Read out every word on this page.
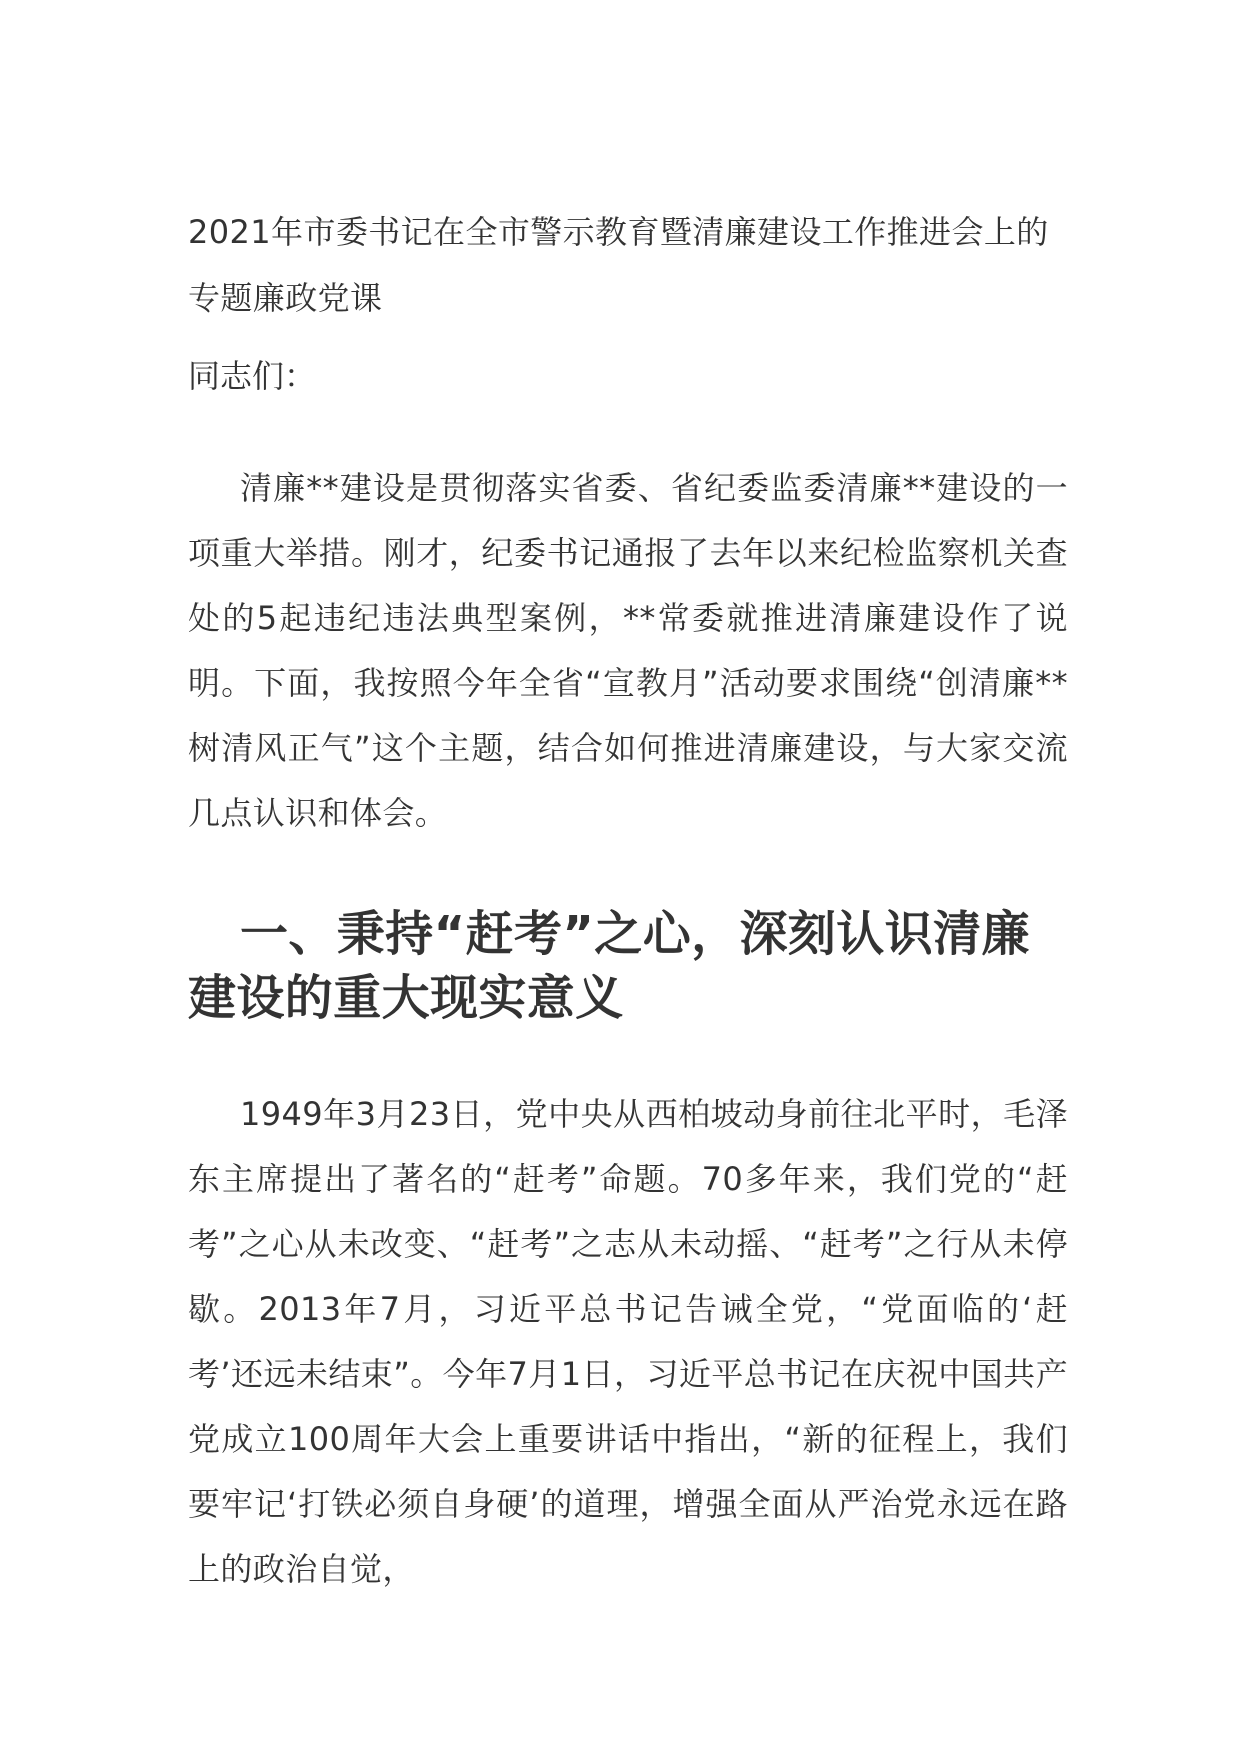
2021年市委书记在全市警示教育暨清廉建设工作推进会上的专题廉政党课

同志们：

清廉**建设是贯彻落实省委、省纪委监委清廉**建设的一项重大举措。刚才，纪委书记通报了去年以来纪检监察机关查处的5起违纪违法典型案例，**常委就推进清廉建设作了说明。下面，我按照今年全省“宣教月”活动要求围绕“创清廉**　树清风正气”这个主题，结合如何推进清廉建设，与大家交流几点认识和体会。

一、秉持“赶考”之心，深刻认识清廉建设的重大现实意义

1949年3月23日，党中央从西柏坡动身前往北平时，毛泽东主席提出了著名的“赶考”命题。70多年来，我们党的“赶考”之心从未改变、“赶考”之志从未动摇、“赶考”之行从未停歇。2013年7月，习近平总书记告诫全党，“党面临的‘赶考’还远未结束”。今年7月1日，习近平总书记在庆祝中国共产党成立100周年大会上重要讲话中指出，“新的征程上，我们要牢记‘打铁必须自身硬’的道理，增强全面从严治党永远在路上的政治自觉，
